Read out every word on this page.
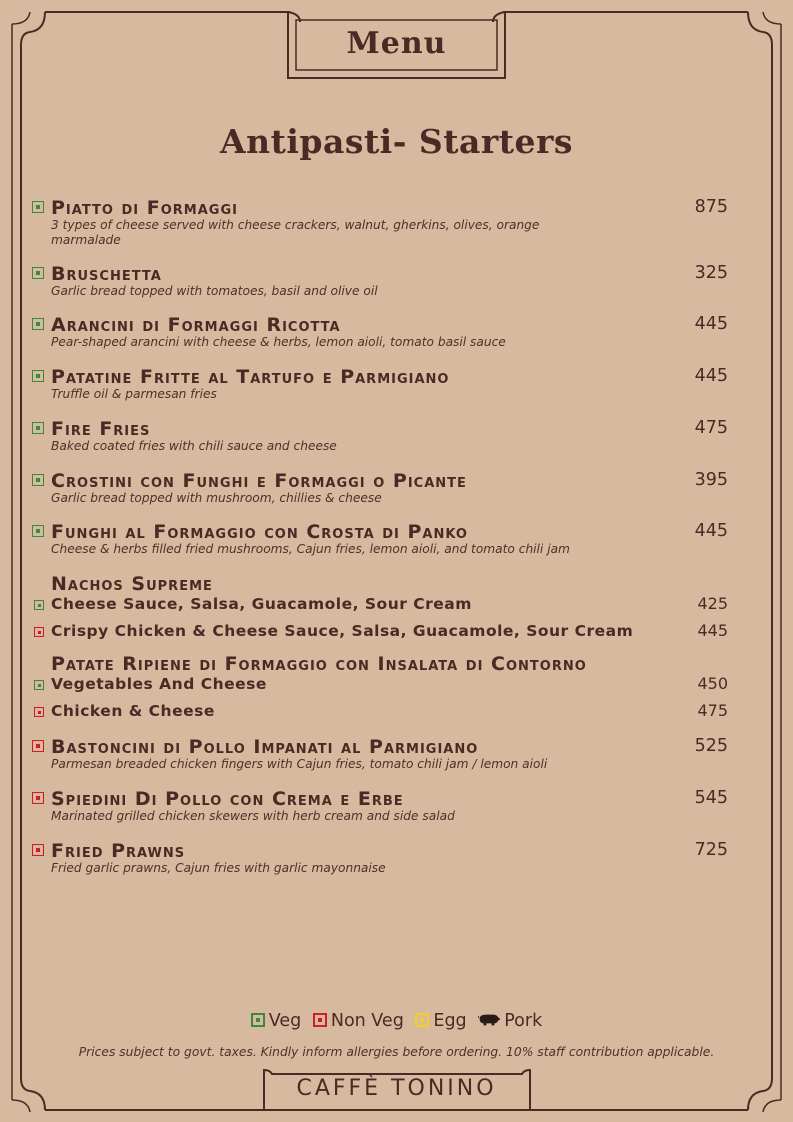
Menu
Antipasti- Starters
Piatto di Formaggi
3 types of cheese served with cheese crackers, walnut, gherkins, olives, orange marmalade
875
Bruschetta
Garlic bread topped with tomatoes, basil and olive oil
325
Arancini di Formaggi Ricotta
Pear-shaped arancini with cheese & herbs, lemon aioli, tomato basil sauce
445
Patatine Fritte al Tartufo e Parmigiano
Truffle oil & parmesan fries
445
Fire Fries
Baked coated fries with chili sauce and cheese
475
Crostini con Funghi e Formaggi o Picante
Garlic bread topped with mushroom, chillies & cheese
395
Funghi al Formaggio con Crosta di Panko
Cheese & herbs filled fried mushrooms, Cajun fries, lemon aioli, and tomato chili jam
445
Nachos Supreme
Cheese Sauce, Salsa, Guacamole, Sour Cream	425
Crispy Chicken & Cheese Sauce, Salsa, Guacamole, Sour Cream	445
Patate Ripiene di Formaggio con Insalata di Contorno
Vegetables And Cheese	450
Chicken & Cheese	475
Bastoncini di Pollo Impanati al Parmigiano
Parmesan breaded chicken fingers with Cajun fries, tomato chili jam / lemon aioli
525
Spiedini Di Pollo con Crema e Erbe
Marinated grilled chicken skewers with herb cream and side salad
545
Fried Prawns
Fried garlic prawns, Cajun fries with garlic mayonnaise
725
Veg Non Veg Egg Pork
Prices subject to govt. taxes. Kindly inform allergies before ordering. 10% staff contribution applicable.
CAFFÈ TONINO
